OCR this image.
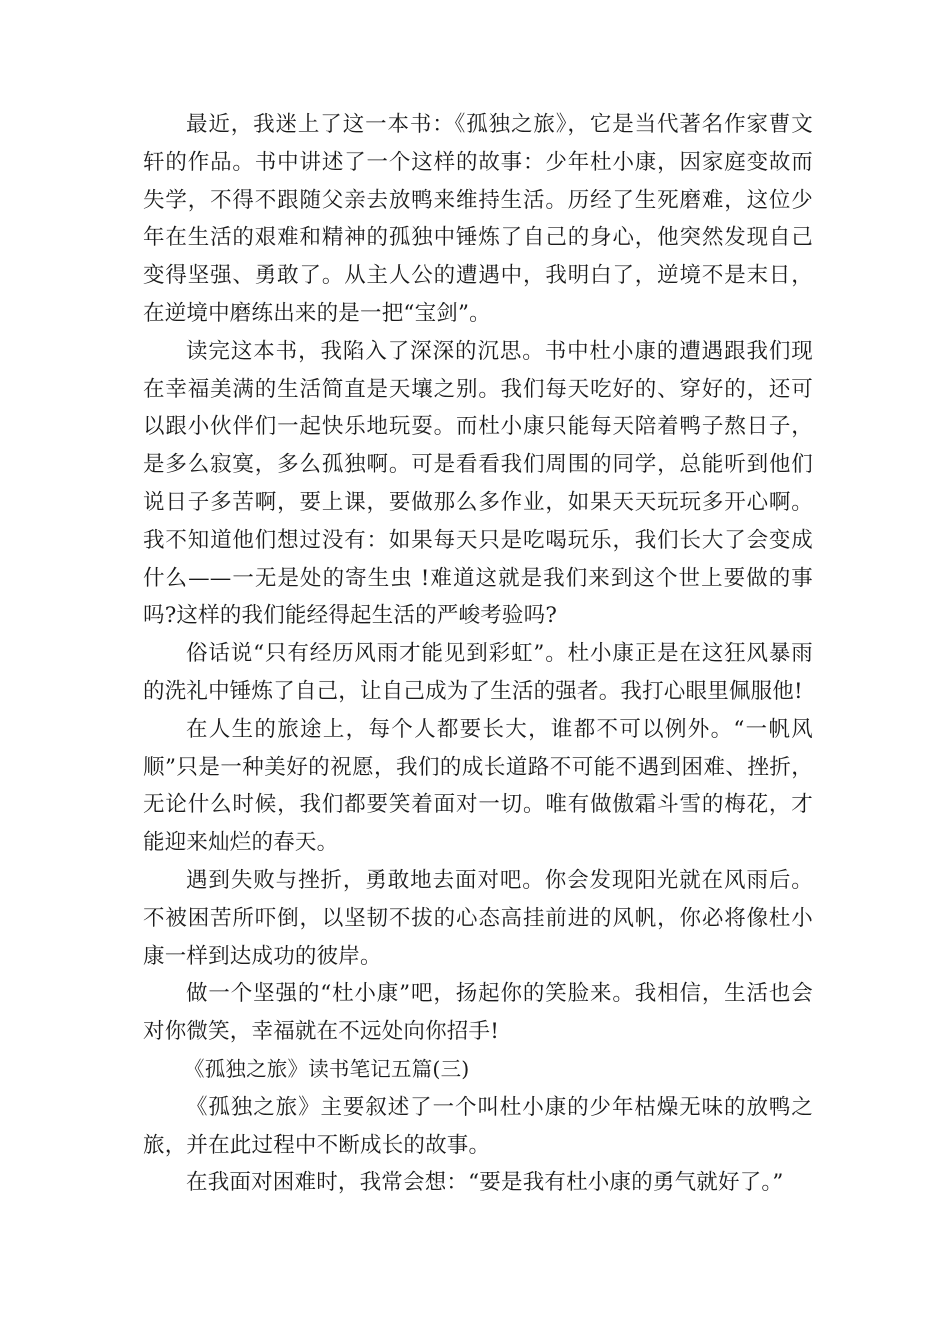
最近，我迷上了这一本书：《孤独之旅》，它是当代著名作家曹文轩的作品。书中讲述了一个这样的故事：少年杜小康，因家庭变故而失学，不得不跟随父亲去放鸭来维持生活。历经了生死磨难，这位少年在生活的艰难和精神的孤独中锤炼了自己的身心，他突然发现自己变得坚强、勇敢了。从主人公的遭遇中，我明白了，逆境不是末日，在逆境中磨练出来的是一把“宝剑”。

读完这本书，我陷入了深深的沉思。书中杜小康的遭遇跟我们现在幸福美满的生活简直是天壤之别。我们每天吃好的、穿好的，还可以跟小伙伴们一起快乐地玩耍。而杜小康只能每天陪着鸭子熬日子，是多么寂寞，多么孤独啊。可是看看我们周围的同学，总能听到他们说日子多苦啊，要上课，要做那么多作业，如果天天玩玩多开心啊。我不知道他们想过没有：如果每天只是吃喝玩乐，我们长大了会变成什么——一无是处的寄生虫 !难道这就是我们来到这个世上要做的事吗?这样的我们能经得起生活的严峻考验吗?

俗话说“只有经历风雨才能见到彩虹”。杜小康正是在这狂风暴雨的洗礼中锤炼了自己，让自己成为了生活的强者。我打心眼里佩服他!

在人生的旅途上，每个人都要长大，谁都不可以例外。“一帆风顺”只是一种美好的祝愿，我们的成长道路不可能不遇到困难、挫折，无论什么时候，我们都要笑着面对一切。唯有做傲霜斗雪的梅花，才能迎来灿烂的春天。

遇到失败与挫折，勇敢地去面对吧。你会发现阳光就在风雨后。不被困苦所吓倒，以坚韧不拔的心态高挂前进的风帆，你必将像杜小康一样到达成功的彼岸。

做一个坚强的“杜小康”吧，扬起你的笑脸来。我相信，生活也会对你微笑，幸福就在不远处向你招手!

《孤独之旅》读书笔记五篇(三)

《孤独之旅》主要叙述了一个叫杜小康的少年枯燥无味的放鸭之旅，并在此过程中不断成长的故事。

在我面对困难时，我常会想：“要是我有杜小康的勇气就好了。”
